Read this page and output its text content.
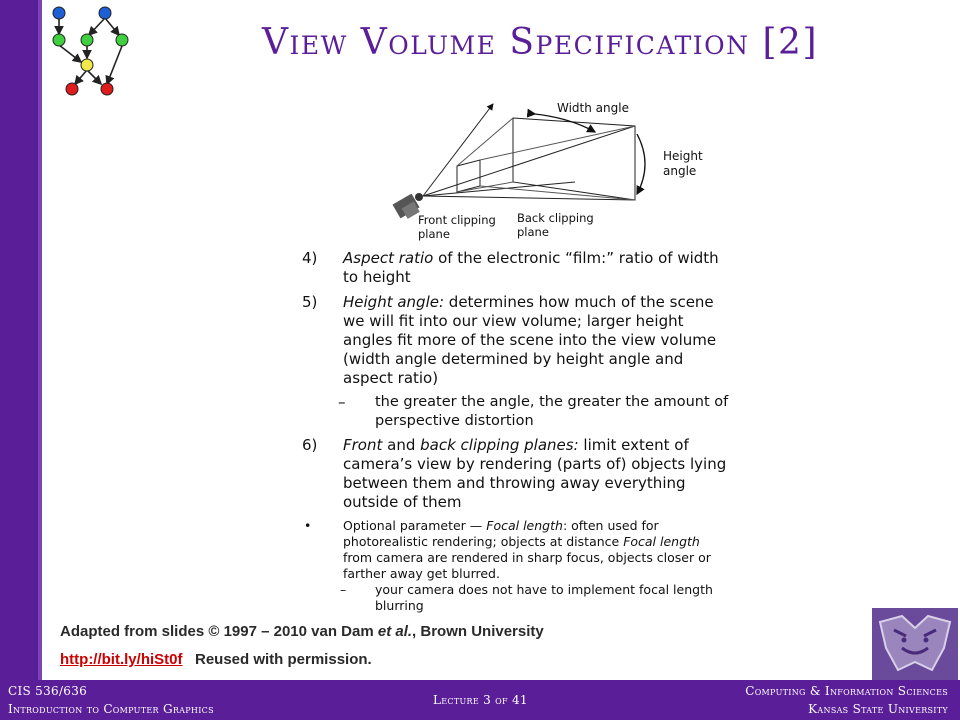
View Volume Specification [2]
Width angle
Height
angle
Front clipping
plane
Back clipping
plane
4) Aspect ratio of the electronic “film:” ratio of width to height
5) Height angle: determines how much of the scene we will fit into our view volume; larger height angles fit more of the scene into the view volume (width angle determined by height angle and aspect ratio)
– the greater the angle, the greater the amount of perspective distortion
6) Front and back clipping planes: limit extent of camera’s view by rendering (parts of) objects lying between them and throwing away everything outside of them
•	Optional parameter — Focal length: often used for photorealistic rendering; objects at distance Focal length from camera are rendered in sharp focus, objects closer or farther away get blurred.
– your camera does not have to implement focal length blurring
Adapted from slides © 1997 – 2010 van Dam et al., Brown University
http://bit.ly/hiSt0f   Reused with permission.
CIS 536/636
Introduction to Computer Graphics
Lecture 3 of 41
Computing & Information Sciences
Kansas State University
